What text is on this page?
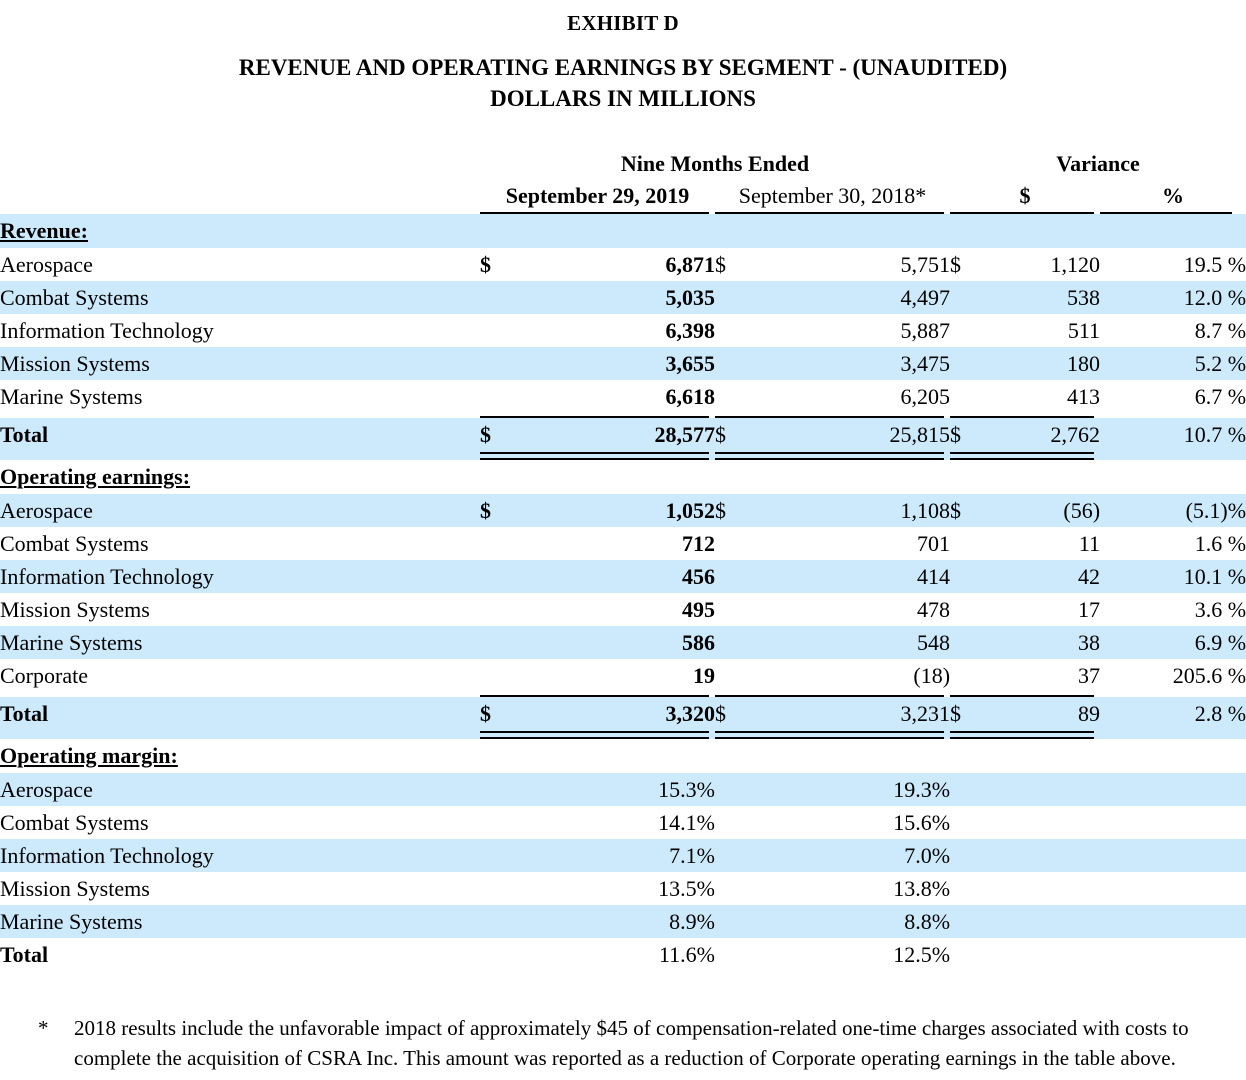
EXHIBIT D
REVENUE AND OPERATING EARNINGS BY SEGMENT - (UNAUDITED)
DOLLARS IN MILLIONS
	Nine Months Ended				Variance		
	September 29, 2019		September 30, 2018*		$		%

Revenue:							
Aerospace	$	6,871	$	5,751	$	1,120	19.5 %
Combat Systems		5,035		4,497		538	12.0 %
Information Technology		6,398		5,887		511	8.7 %
Mission Systems		3,655		3,475		180	5.2 %
Marine Systems		6,618		6,205		413	6.7 %

Total	$	28,577	$	25,815	$	2,762	10.7 %

Operating earnings:							
Aerospace	$	1,052	$	1,108	$	(56)	(5.1)%
Combat Systems		712		701		11	1.6 %
Information Technology		456		414		42	10.1 %
Mission Systems		495		478		17	3.6 %
Marine Systems		586		548		38	6.9 %
Corporate		19		(18)		37	205.6 %

Total	$	3,320	$	3,231	$	89	2.8 %

Operating margin:							
Aerospace	15.3%		19.3%				
Combat Systems	14.1%		15.6%				
Information Technology	7.1%		7.0%				
Mission Systems	13.5%		13.8%				
Marine Systems	8.9%		8.8%				
Total	11.6%		12.5%				
*	2018 results include the unfavorable impact of approximately $45 of compensation-related one-time charges associated with costs to complete the acquisition of CSRA Inc. This amount was reported as a reduction of Corporate operating earnings in the table above.
